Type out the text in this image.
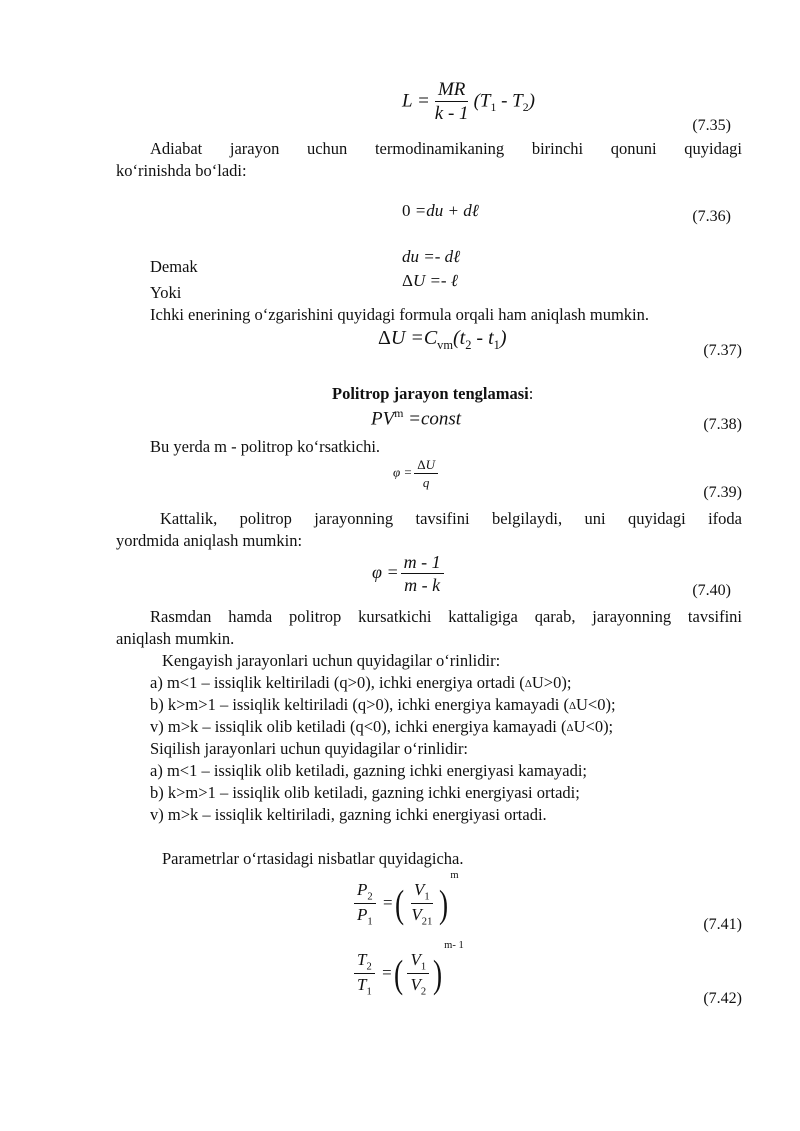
$L = \frac{MR}{k - 1} (T_1 - T_2)$
(7.35)
Adiabat jarayon uchun termodinamikaning birinchi qonuni quyidagi
ko‘rinishda bo‘ladi:
0 =du + dℓ	(7.36)
Demak
du =- dℓ
Yoki
ΔU =- ℓ
Ichki enerining o‘zgarishini quyidagi formula orqali ham aniqlash mumkin.
$\Delta U =C_{vm}(t_2 - t_1)$
(7.37)
Politrop jarayon tenglamasi:
$PV^m$ =const	(7.38)
Bu yerda m - politrop ko‘rsatkichi.
$\varphi = \frac{\Delta U}{q}$
(7.39)
Kattalik, politrop jarayonning tavsifini belgilaydi, uni quyidagi ifoda
yordmida aniqlash mumkin:
$\varphi = \frac{m - 1}{m - k}$	(7.40)
Rasmdan hamda politrop kursatkichi kattaligiga qarab, jarayonning tavsifini
aniqlash mumkin.
Kengayish jarayonlari uchun quyidagilar o‘rinlidir:
a) m<1 – issiqlik keltiriladi (q>0), ichki energiya ortadi (ΔU>0);
b) k>m>1 – issiqlik keltiriladi (q>0), ichki energiya kamayadi (ΔU<0);
v) m>k – issiqlik olib ketiladi (q<0), ichki energiya kamayadi (ΔU<0);
Siqilish jarayonlari uchun quyidagilar o‘rinlidir:
a) m<1 – issiqlik olib ketiladi, gazning ichki energiyasi kamayadi;
b) k>m>1 – issiqlik olib ketiladi, gazning ichki energiyasi ortadi;
v) m>k – issiqlik keltiriladi, gazning ichki energiyasi ortadi.
Parametrlar o‘rtasidagi nisbatlar quyidagicha.
$\frac{P_2}{P_1}$ =( $\frac{V_1}{V_{21}} )^m$
(7.41)
$\frac{T_2}{T_1}$ =( $\frac{V_1}{V_2} )^{m- 1}$
(7.42)
